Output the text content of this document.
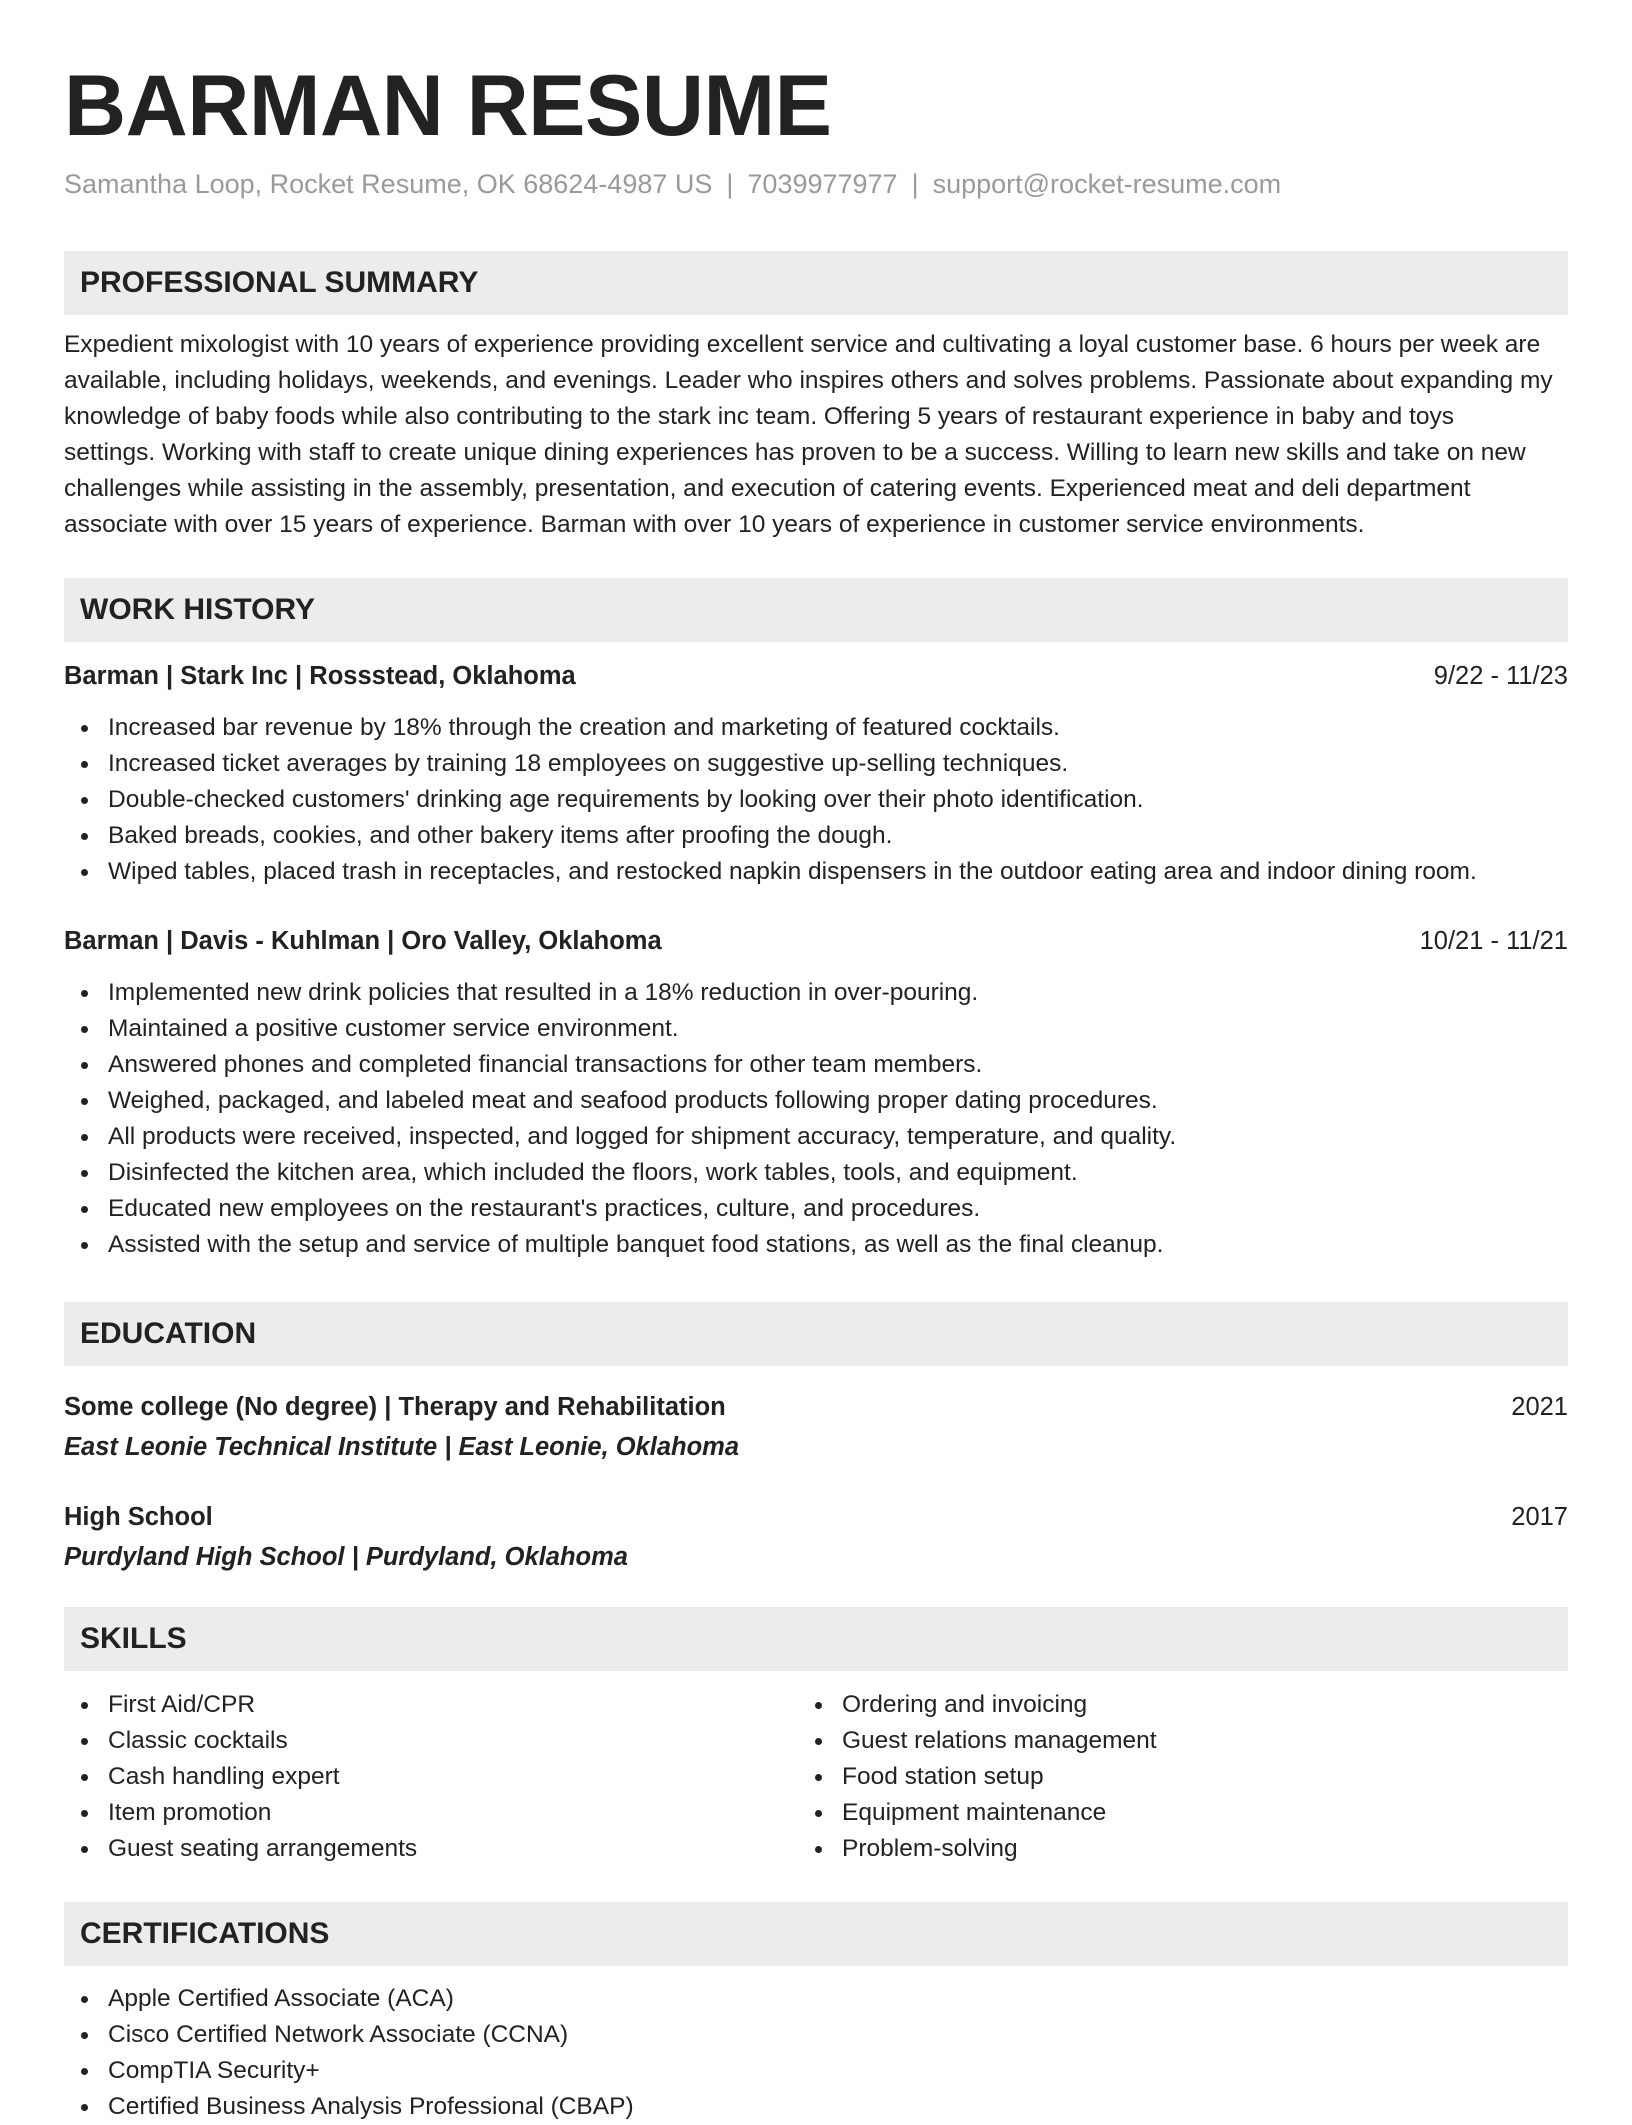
BARMAN RESUME
Samantha Loop, Rocket Resume, OK 68624-4987 US | 7039977977 | support@rocket-resume.com
PROFESSIONAL SUMMARY
Expedient mixologist with 10 years of experience providing excellent service and cultivating a loyal customer base. 6 hours per week are
available, including holidays, weekends, and evenings. Leader who inspires others and solves problems. Passionate about expanding my
knowledge of baby foods while also contributing to the stark inc team. Offering 5 years of restaurant experience in baby and toys
settings. Working with staff to create unique dining experiences has proven to be a success. Willing to learn new skills and take on new
challenges while assisting in the assembly, presentation, and execution of catering events. Experienced meat and deli department
associate with over 15 years of experience. Barman with over 10 years of experience in customer service environments.
WORK HISTORY
Barman | Stark Inc | Rossstead, Oklahoma	9/22 - 11/23
Increased bar revenue by 18% through the creation and marketing of featured cocktails.
Increased ticket averages by training 18 employees on suggestive up-selling techniques.
Double-checked customers' drinking age requirements by looking over their photo identification.
Baked breads, cookies, and other bakery items after proofing the dough.
Wiped tables, placed trash in receptacles, and restocked napkin dispensers in the outdoor eating area and indoor dining room.
Barman | Davis - Kuhlman | Oro Valley, Oklahoma	10/21 - 11/21
Implemented new drink policies that resulted in a 18% reduction in over-pouring.
Maintained a positive customer service environment.
Answered phones and completed financial transactions for other team members.
Weighed, packaged, and labeled meat and seafood products following proper dating procedures.
All products were received, inspected, and logged for shipment accuracy, temperature, and quality.
Disinfected the kitchen area, which included the floors, work tables, tools, and equipment.
Educated new employees on the restaurant's practices, culture, and procedures.
Assisted with the setup and service of multiple banquet food stations, as well as the final cleanup.
EDUCATION
Some college (No degree) | Therapy and Rehabilitation	2021
East Leonie Technical Institute | East Leonie, Oklahoma
High School	2017
Purdyland High School | Purdyland, Oklahoma
SKILLS
First Aid/CPR
Classic cocktails
Cash handling expert
Item promotion
Guest seating arrangements
Ordering and invoicing
Guest relations management
Food station setup
Equipment maintenance
Problem-solving
CERTIFICATIONS
Apple Certified Associate (ACA)
Cisco Certified Network Associate (CCNA)
CompTIA Security+
Certified Business Analysis Professional (CBAP)
